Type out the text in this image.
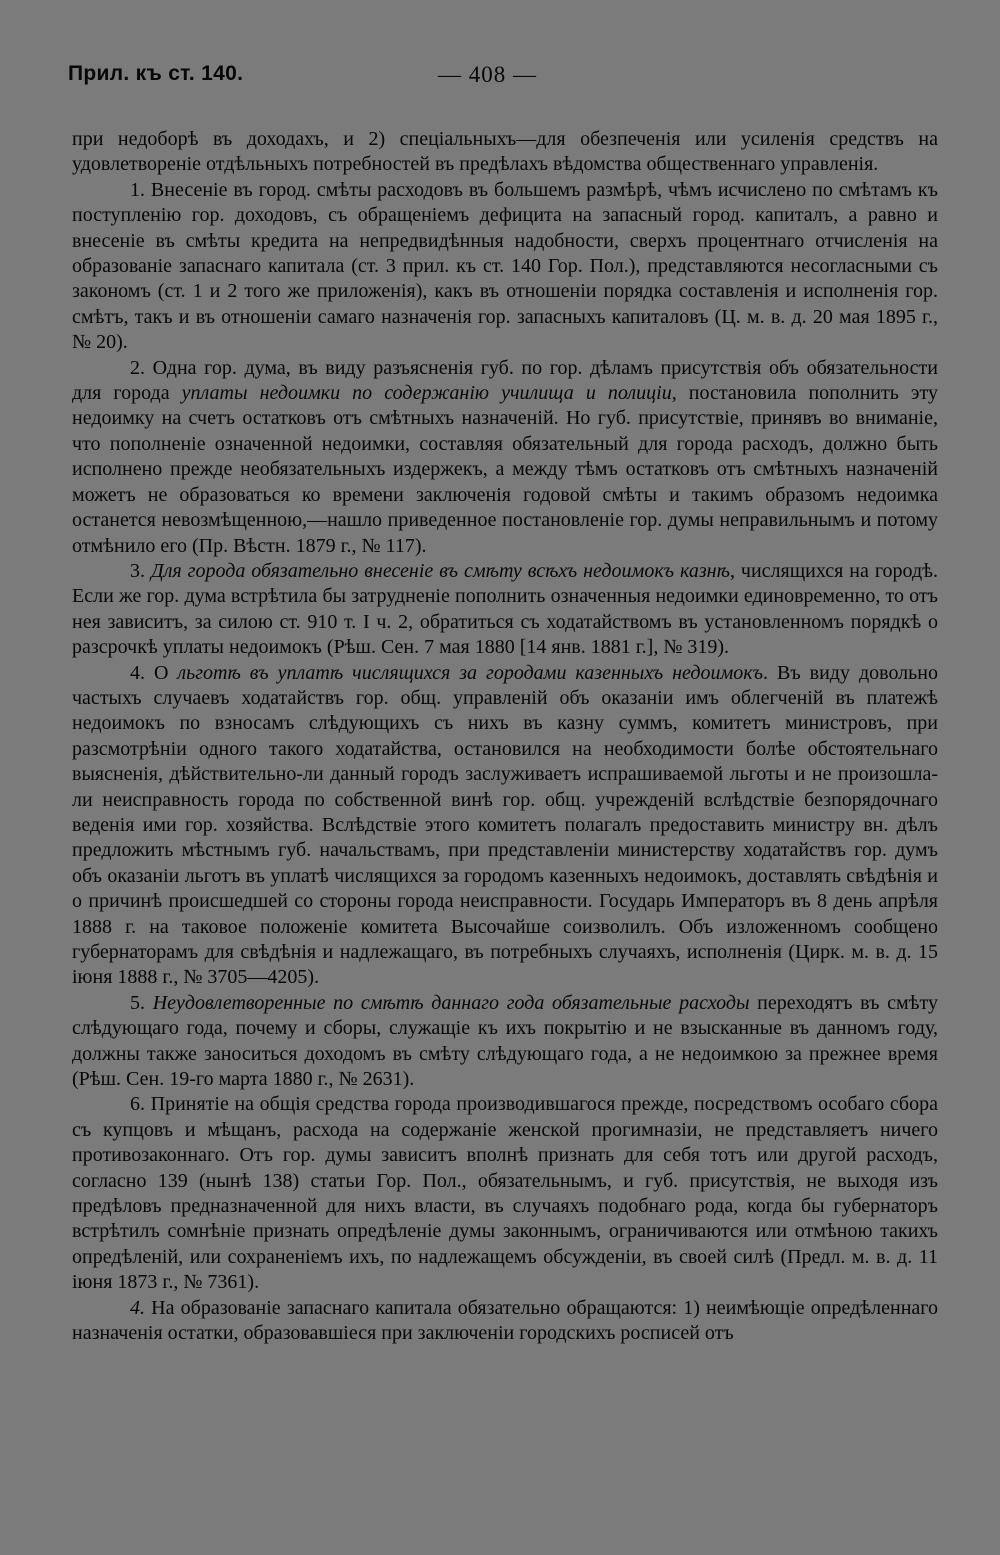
Прил. къ ст. 140.	— 408 —

при недоборѣ въ доходахъ, и 2) спеціальныхъ—для обезпеченія или усиленія средствъ на удовлетвореніе отдѣльныхъ потребностей въ предѣлахъ вѣдомства общественнаго управленія.

1. Внесеніе въ город. смѣты расходовъ въ большемъ размѣрѣ, чѣмъ исчислено по смѣтамъ къ поступленію гор. доходовъ, съ обращеніемъ дефицита на запасный город. капиталъ, а равно и внесеніе въ смѣты кредита на непредвидѣнныя надобности, сверхъ процентнаго отчисленія на образованіе запаснаго капитала (ст. 3 прил. къ ст. 140 Гор. Пол.), представляются несогласными съ закономъ (ст. 1 и 2 того же приложенія), какъ въ отношеніи порядка составленія и исполненія гор. смѣтъ, такъ и въ отношеніи самаго назначенія гор. запасныхъ капиталовъ (Ц. м. в. д. 20 мая 1895 г., № 20).

2. Одна гор. дума, въ виду разъясненія губ. по гор. дѣламъ присутствія объ обязательности для города уплаты недоимки по содержанію училища и полиціи, постановила пополнить эту недоимку на счетъ остатковъ отъ смѣтныхъ назначеній. Но губ. присутствіе, принявъ во вниманіе, что пополненіе означенной недоимки, составляя обязательный для города расходъ, должно быть исполнено прежде необязательныхъ издержекъ, а между тѣмъ остатковъ отъ смѣтныхъ назначеній можетъ не образоваться ко времени заключенія годовой смѣты и такимъ образомъ недоимка останется невозмѣщенною,—нашло приведенное постановленіе гор. думы неправильнымъ и потому отмѣнило его (Пр. Вѣстн. 1879 г., № 117).

3. Для города обязательно внесеніе въ смѣту всѣхъ недоимокъ казнѣ, числящихся на городѣ. Если же гор. дума встрѣтила бы затрудненіе пополнить означенныя недоимки единовременно, то отъ нея зависитъ, за силою ст. 910 т. I ч. 2, обратиться съ ходатайствомъ въ установленномъ порядкѣ о разсрочкѣ уплаты недоимокъ (Рѣш. Сен. 7 мая 1880 [14 янв. 1881 г.], № 319).

4. О льготѣ въ уплатѣ числящихся за городами казенныхъ недоимокъ. Въ виду довольно частыхъ случаевъ ходатайствъ гор. общ. управленій объ оказаніи имъ облегченій въ платежѣ недоимокъ по взносамъ слѣдующихъ съ нихъ въ казну суммъ, комитетъ министровъ, при разсмотрѣніи одного такого ходатайства, остановился на необходимости болѣе обстоятельнаго выясненія, дѣйствительно-ли данный городъ заслуживаетъ испрашиваемой льготы и не произошла-ли неисправность города по собственной винѣ гор. общ. учрежденій вслѣдствіе безпорядочнаго веденія ими гор. хозяйства. Вслѣдствіе этого комитетъ полагалъ предоставить министру вн. дѣлъ предложить мѣстнымъ губ. начальствамъ, при представленіи министерству ходатайствъ гор. думъ объ оказаніи льготъ въ уплатѣ числящихся за городомъ казенныхъ недоимокъ, доставлять свѣдѣнія и о причинѣ происшедшей со стороны города неисправности. Государь Императоръ въ 8 день апрѣля 1888 г. на таковое положеніе комитета Высочайше соизволилъ. Объ изложенномъ сообщено губернаторамъ для свѣдѣнія и надлежащаго, въ потребныхъ случаяхъ, исполненія (Цирк. м. в. д. 15 іюня 1888 г., № 3705—4205).

5. Неудовлетворенные по смѣтѣ даннаго года обязательные расходы переходятъ въ смѣту слѣдующаго года, почему и сборы, служащіе къ ихъ покрытію и не взысканные въ данномъ году, должны также заноситься доходомъ въ смѣту слѣдующаго года, а не недоимкою за прежнее время (Рѣш. Сен. 19-го марта 1880 г., № 2631).

6. Принятіе на общія средства города производившагося прежде, посредствомъ особаго сбора съ купцовъ и мѣщанъ, расхода на содержаніе женской прогимназіи, не представляетъ ничего противозаконнаго. Отъ гор. думы зависитъ вполнѣ признать для себя тотъ или другой расходъ, согласно 139 (нынѣ 138) статьи Гор. Пол., обязательнымъ, и губ. присутствія, не выходя изъ предѣловъ предназначенной для нихъ власти, въ случаяхъ подобнаго рода, когда бы губернаторъ встрѣтилъ сомнѣніе признать опредѣленіе думы законнымъ, ограничиваются или отмѣною такихъ опредѣленій, или сохраненіемъ ихъ, по надлежащемъ обсужденіи, въ своей силѣ (Предл. м. в. д. 11 іюня 1873 г., № 7361).

4. На образованіе запаснаго капитала обязательно обращаются: 1) неимѣющіе опредѣленнаго назначенія остатки, образовавшіеся при заключеніи городскихъ росписей отъ
